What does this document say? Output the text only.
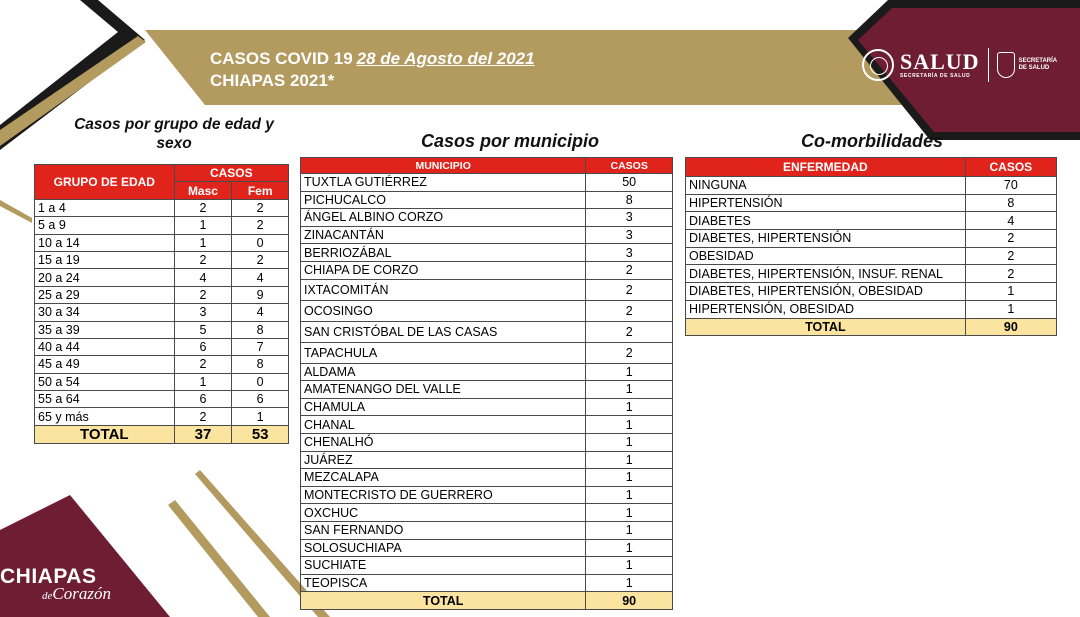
CASOS COVID 19 28 de Agosto del 2021
CHIAPAS 2021*
SALUD
SECRETARÍA DE SALUD
SECRETARÍA
DE SALUD
Casos por grupo de edad y
sexo	Casos por municipio	Co-morbilidades
GRUPO DE EDAD	CASOS	
	Masc	Fem
1 a 4	2	2
5 a 9	1	2
10 a 14	1	0
15 a 19	2	2
20 a 24	4	4
25 a 29	2	9
30 a 34	3	4
35 a 39	5	8
40 a 44	6	7
45 a 49	2	8
50 a 54	1	0
55 a 64	6	6
65 y más	2	1
TOTAL	37	53
MUNICIPIO	CASOS
TUXTLA GUTIÉRREZ	50
PICHUCALCO	8
ÁNGEL ALBINO CORZO	3
ZINACANTÁN	3
BERRIOZÁBAL	3
CHIAPA DE CORZO	2
IXTACOMITÁN	2
OCOSINGO	2
SAN CRISTÓBAL DE LAS CASAS	2
TAPACHULA	2
ALDAMA	1
AMATENANGO DEL VALLE	1
CHAMULA	1
CHANAL	1
CHENALHÓ	1
JUÁREZ	1
MEZCALAPA	1
MONTECRISTO DE GUERRERO	1
OXCHUC	1
SAN FERNANDO	1
SOLOSUCHIAPA	1
SUCHIATE	1
TEOPISCA	1
TOTAL	90
ENFERMEDAD	CASOS
NINGUNA	70
HIPERTENSIÓN	8
DIABETES	4
DIABETES, HIPERTENSIÓN	2
OBESIDAD	2
DIABETES, HIPERTENSIÓN, INSUF. RENAL	2
DIABETES, HIPERTENSIÓN, OBESIDAD	1
HIPERTENSIÓN, OBESIDAD	1
TOTAL	90
CHIAPAS
deCorazón
